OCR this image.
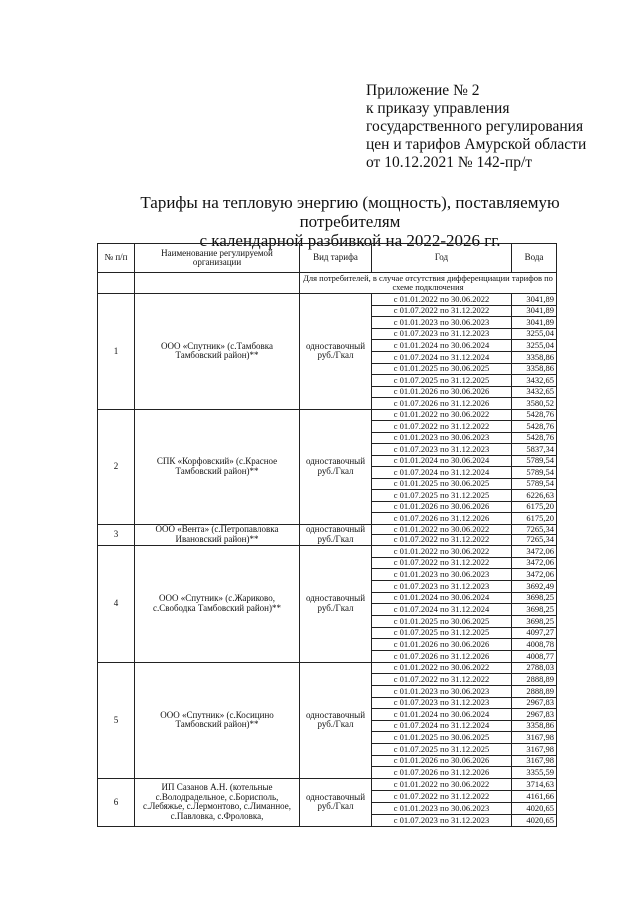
Приложение № 2
к приказу управления
государственного регулирования
цен и тарифов Амурской области
от 10.12.2021 № 142-пр/т
Тарифы на тепловую энергию (мощность), поставляемую потребителям
с календарной разбивкой на 2022-2026 гг.
№ п/п	Наименование регулируемой организации	Вид тарифа	Год	Вода
		Для потребителей, в случае отсутствия дифференциации тарифов по схеме подключения		
1	ООО «Спутник» (с.Тамбовка Тамбовский район)**	одноставочный руб./Гкал	с 01.01.2022 по 30.06.2022	3041,89
			с 01.07.2022 по 31.12.2022	3041,89
			с 01.01.2023 по 30.06.2023	3041,89
			с 01.07.2023 по 31.12.2023	3255,04
			с 01.01.2024 по 30.06.2024	3255,04
			с 01.07.2024 по 31.12.2024	3358,86
			с 01.01.2025 по 30.06.2025	3358,86
			с 01.07.2025 по 31.12.2025	3432,65
			с 01.01.2026 по 30.06.2026	3432,65
			с 01.07.2026 по 31.12.2026	3580,52
2	СПК «Корфовский» (с.Красное Тамбовский район)**	одноставочный руб./Гкал	с 01.01.2022 по 30.06.2022	5428,76
			с 01.07.2022 по 31.12.2022	5428,76
			с 01.01.2023 по 30.06.2023	5428,76
			с 01.07.2023 по 31.12.2023	5837,34
			с 01.01.2024 по 30.06.2024	5789,54
			с 01.07.2024 по 31.12.2024	5789,54
			с 01.01.2025 по 30.06.2025	5789,54
			с 01.07.2025 по 31.12.2025	6226,63
			с 01.01.2026 по 30.06.2026	6175,20
			с 01.07.2026 по 31.12.2026	6175,20
3	ООО «Вента» (с.Петропавловка Ивановский район)**	одноставочный руб./Гкал	с 01.01.2022 по 30.06.2022	7265,34
			с 01.07.2022 по 31.12.2022	7265,34
4	ООО «Спутник» (с.Жариково, с.Свободка Тамбовский район)**	одноставочный руб./Гкал	с 01.01.2022 по 30.06.2022	3472,06
			с 01.07.2022 по 31.12.2022	3472,06
			с 01.01.2023 по 30.06.2023	3472,06
			с 01.07.2023 по 31.12.2023	3692,49
			с 01.01.2024 по 30.06.2024	3698,25
			с 01.07.2024 по 31.12.2024	3698,25
			с 01.01.2025 по 30.06.2025	3698,25
			с 01.07.2025 по 31.12.2025	4097,27
			с 01.01.2026 по 30.06.2026	4008,78
			с 01.07.2026 по 31.12.2026	4008,77
5	ООО «Спутник» (с.Косицино Тамбовский район)**	одноставочный руб./Гкал	с 01.01.2022 по 30.06.2022	2788,03
			с 01.07.2022 по 31.12.2022	2888,89
			с 01.01.2023 по 30.06.2023	2888,89
			с 01.07.2023 по 31.12.2023	2967,83
			с 01.01.2024 по 30.06.2024	2967,83
			с 01.07.2024 по 31.12.2024	3358,86
			с 01.01.2025 по 30.06.2025	3167,98
			с 01.07.2025 по 31.12.2025	3167,98
			с 01.01.2026 по 30.06.2026	3167,98
			с 01.07.2026 по 31.12.2026	3355,59
6	ИП Сазанов А.Н. (котельные с.Володрадельное, с.Борисполь, с.Лебяжье, с.Лермонтово, с.Лиманное, с.Павловка, с.Фроловка,	одноставочный руб./Гкал	с 01.01.2022 по 30.06.2022	3714,63
			с 01.07.2022 по 31.12.2022	4161,66
			с 01.01.2023 по 30.06.2023	4020,65
			с 01.07.2023 по 31.12.2023	4020,65
